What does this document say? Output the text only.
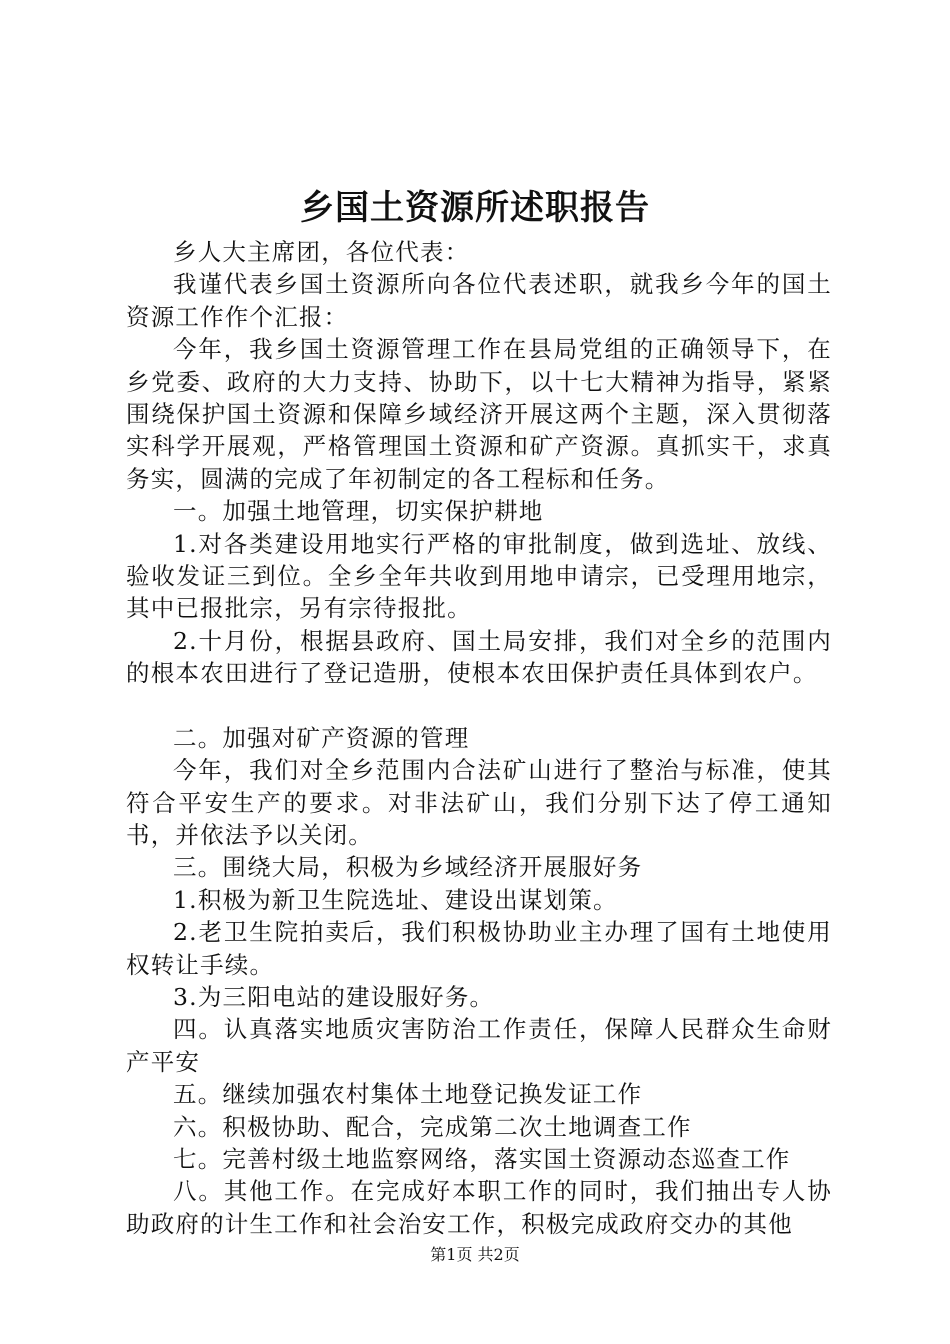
乡国土资源所述职报告

乡人大主席团，各位代表：

我谨代表乡国土资源所向各位代表述职，就我乡今年的国土资源工作作个汇报：

今年，我乡国土资源管理工作在县局党组的正确领导下，在乡党委、政府的大力支持、协助下，以十七大精神为指导，紧紧围绕保护国土资源和保障乡域经济开展这两个主题，深入贯彻落实科学开展观，严格管理国土资源和矿产资源。真抓实干，求真务实，圆满的完成了年初制定的各工程标和任务。

一。加强土地管理，切实保护耕地

1.对各类建设用地实行严格的审批制度，做到选址、放线、验收发证三到位。全乡全年共收到用地申请宗，已受理用地宗，其中已报批宗，另有宗待报批。

2.十月份，根据县政府、国土局安排，我们对全乡的范围内的根本农田进行了登记造册，使根本农田保护责任具体到农户。

二。加强对矿产资源的管理

今年，我们对全乡范围内合法矿山进行了整治与标准，使其符合平安生产的要求。对非法矿山，我们分别下达了停工通知书，并依法予以关闭。

三。围绕大局，积极为乡域经济开展服好务

1.积极为新卫生院选址、建设出谋划策。

2.老卫生院拍卖后，我们积极协助业主办理了国有土地使用权转让手续。

3.为三阳电站的建设服好务。

四。认真落实地质灾害防治工作责任，保障人民群众生命财产平安

五。继续加强农村集体土地登记换发证工作

六。积极协助、配合，完成第二次土地调查工作

七。完善村级土地监察网络，落实国土资源动态巡查工作

八。其他工作。在完成好本职工作的同时，我们抽出专人协助政府的计生工作和社会治安工作，积极完成政府交办的其他

第1页 共2页
